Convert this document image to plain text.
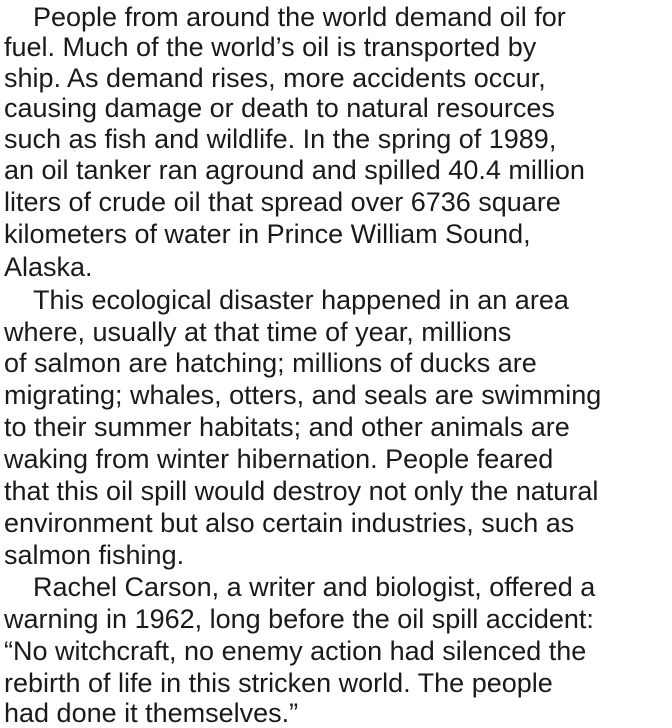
People from around the world demand oil for
fuel. Much of the world’s oil is transported by
ship. As demand rises, more accidents occur,
causing damage or death to natural resources
such as fish and wildlife. In the spring of 1989,
an oil tanker ran aground and spilled 40.4 million
liters of crude oil that spread over 6736 square
kilometers of water in Prince William Sound,
Alaska.
This ecological disaster happened in an area
where, usually at that time of year, millions
of salmon are hatching; millions of ducks are
migrating; whales, otters, and seals are swimming
to their summer habitats; and other animals are
waking from winter hibernation. People feared
that this oil spill would destroy not only the natural
environment but also certain industries, such as
salmon fishing.
Rachel Carson, a writer and biologist, offered a
warning in 1962, long before the oil spill accident:
“No witchcraft, no enemy action had silenced the
rebirth of life in this stricken world. The people
had done it themselves.”
